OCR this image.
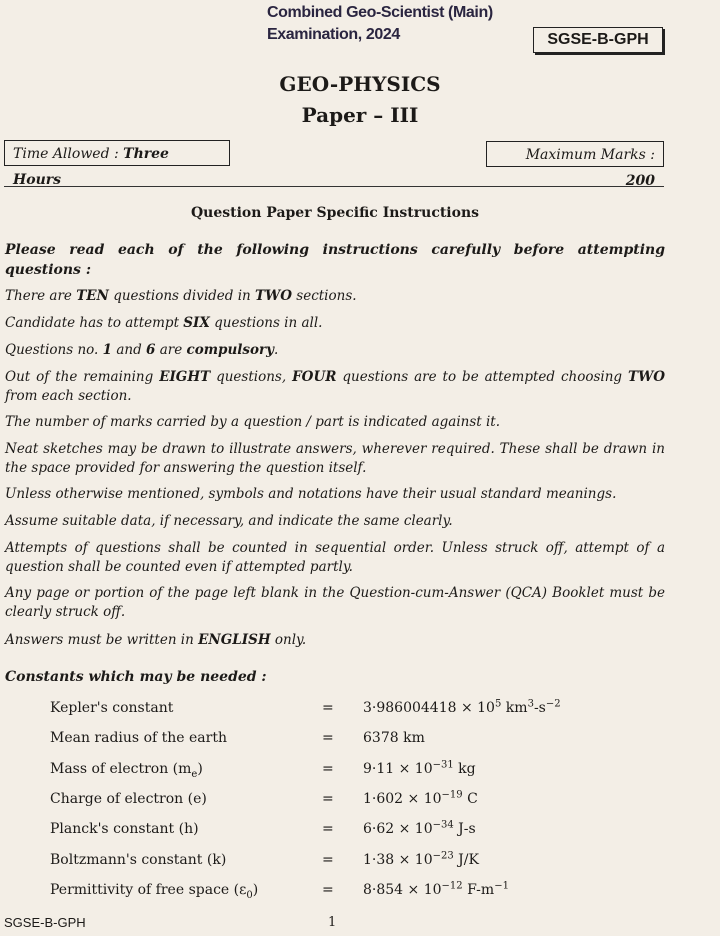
Combined Geo-Scientist (Main)
Examination, 2024	SGSE-B-GPH
GEO-PHYSICS
Paper – III
Time Allowed : Three Hours
Maximum Marks : 200
Question Paper Specific Instructions
Please read each of the following instructions carefully before attempting questions :
There are TEN questions divided in TWO sections.
Candidate has to attempt SIX questions in all.
Questions no. 1 and 6 are compulsory.
Out of the remaining EIGHT questions, FOUR questions are to be attempted choosing TWO from each section.
The number of marks carried by a question / part is indicated against it.
Neat sketches may be drawn to illustrate answers, wherever required. These shall be drawn in the space provided for answering the question itself.
Unless otherwise mentioned, symbols and notations have their usual standard meanings.
Assume suitable data, if necessary, and indicate the same clearly.
Attempts of questions shall be counted in sequential order. Unless struck off, attempt of a question shall be counted even if attempted partly.
Any page or portion of the page left blank in the Question-cum-Answer (QCA) Booklet must be clearly struck off.
Answers must be written in ENGLISH only.
Constants which may be needed :
Kepler's constant	= $3\cdot 986004418 \times 10^5$ $km^3-s^{-2}$
Mean radius of the earth	= 6378 km
Mass of electron $(m_e)$	= $9\cdot 11 \times 10^{-31}$ kg
Charge of electron (e)	= $1\cdot 602 \times 10^{-19}$ C
Planck's constant (h)	= $6\cdot 62 \times 10^{-34}$ J-s
Boltzmann's constant (k)	= $1\cdot 38 \times 10^{-23}$ J/K
Permittivity of free space $(\varepsilon_0)$	= $8\cdot 854 \times 10^{-12}$ $F-m^{-1}$
SGSE-B-GPH	1
